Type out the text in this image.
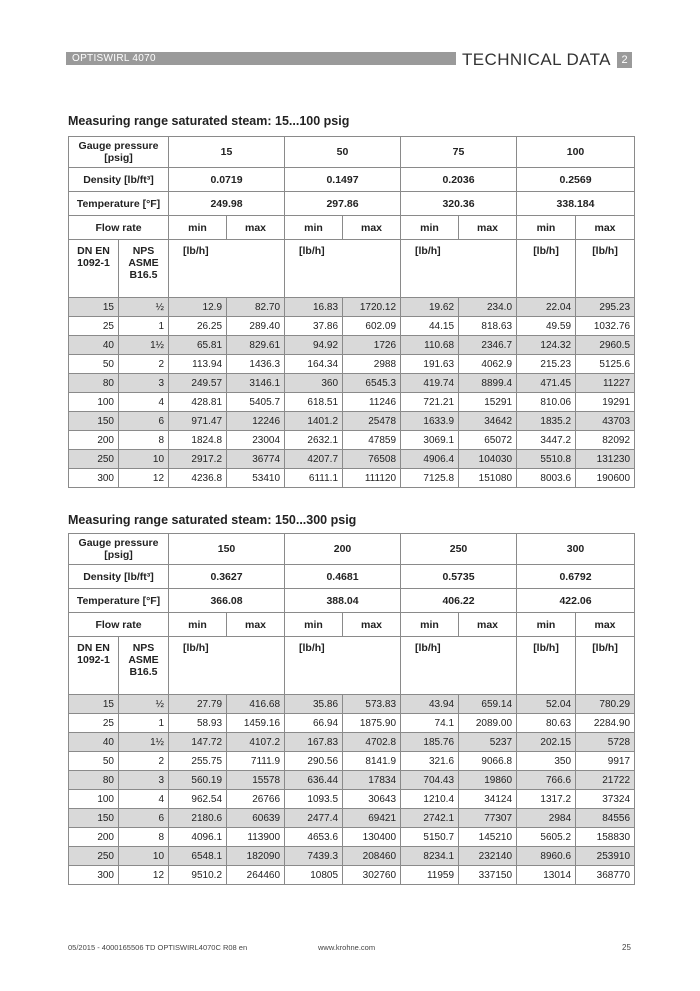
OPTISWIRL 4070	TECHNICAL DATA 2
Measuring range saturated steam: 15...100 psig
Measuring range saturated steam: 150...300 psig
Gauge pressure [psig]		15		50		75		100	
Density [lb/ft³]		0.0719		0.1497		0.2036		0.2569	
Temperature [°F]		249.98		297.86		320.36		338.184	
Flow rate		min	max	min	max	min	max	min	max
DN EN 1092-1	NPS ASME B16.5	[lb/h]		[lb/h]		[lb/h]		[lb/h]	[lb/h]
15	½	12.9	82.70	16.83	1720.12	19.62	234.0	22.04	295.23
25	1	26.25	289.40	37.86	602.09	44.15	818.63	49.59	1032.76
40	1½	65.81	829.61	94.92	1726	110.68	2346.7	124.32	2960.5
50	2	113.94	1436.3	164.34	2988	191.63	4062.9	215.23	5125.6
80	3	249.57	3146.1	360	6545.3	419.74	8899.4	471.45	11227
100	4	428.81	5405.7	618.51	11246	721.21	15291	810.06	19291
150	6	971.47	12246	1401.2	25478	1633.9	34642	1835.2	43703
200	8	1824.8	23004	2632.1	47859	3069.1	65072	3447.2	82092
250	10	2917.2	36774	4207.7	76508	4906.4	104030	5510.8	131230
300	12	4236.8	53410	6111.1	111120	7125.8	151080	8003.6	190600
Gauge pressure [psig]		150		200		250		300	
Density [lb/ft³]		0.3627		0.4681		0.5735		0.6792	
Temperature [°F]		366.08		388.04		406.22		422.06	
Flow rate		min	max	min	max	min	max	min	max
DN EN 1092-1	NPS ASME B16.5	[lb/h]		[lb/h]		[lb/h]		[lb/h]	[lb/h]
15	½	27.79	416.68	35.86	573.83	43.94	659.14	52.04	780.29
25	1	58.93	1459.16	66.94	1875.90	74.1	2089.00	80.63	2284.90
40	1½	147.72	4107.2	167.83	4702.8	185.76	5237	202.15	5728
50	2	255.75	7111.9	290.56	8141.9	321.6	9066.8	350	9917
80	3	560.19	15578	636.44	17834	704.43	19860	766.6	21722
100	4	962.54	26766	1093.5	30643	1210.4	34124	1317.2	37324
150	6	2180.6	60639	2477.4	69421	2742.1	77307	2984	84556
200	8	4096.1	113900	4653.6	130400	5150.7	145210	5605.2	158830
250	10	6548.1	182090	7439.3	208460	8234.1	232140	8960.6	253910
300	12	9510.2	264460	10805	302760	11959	337150	13014	368770
05/2015 - 4000165506 TD OPTISWIRL4070C R08 en	www.krohne.com	25
